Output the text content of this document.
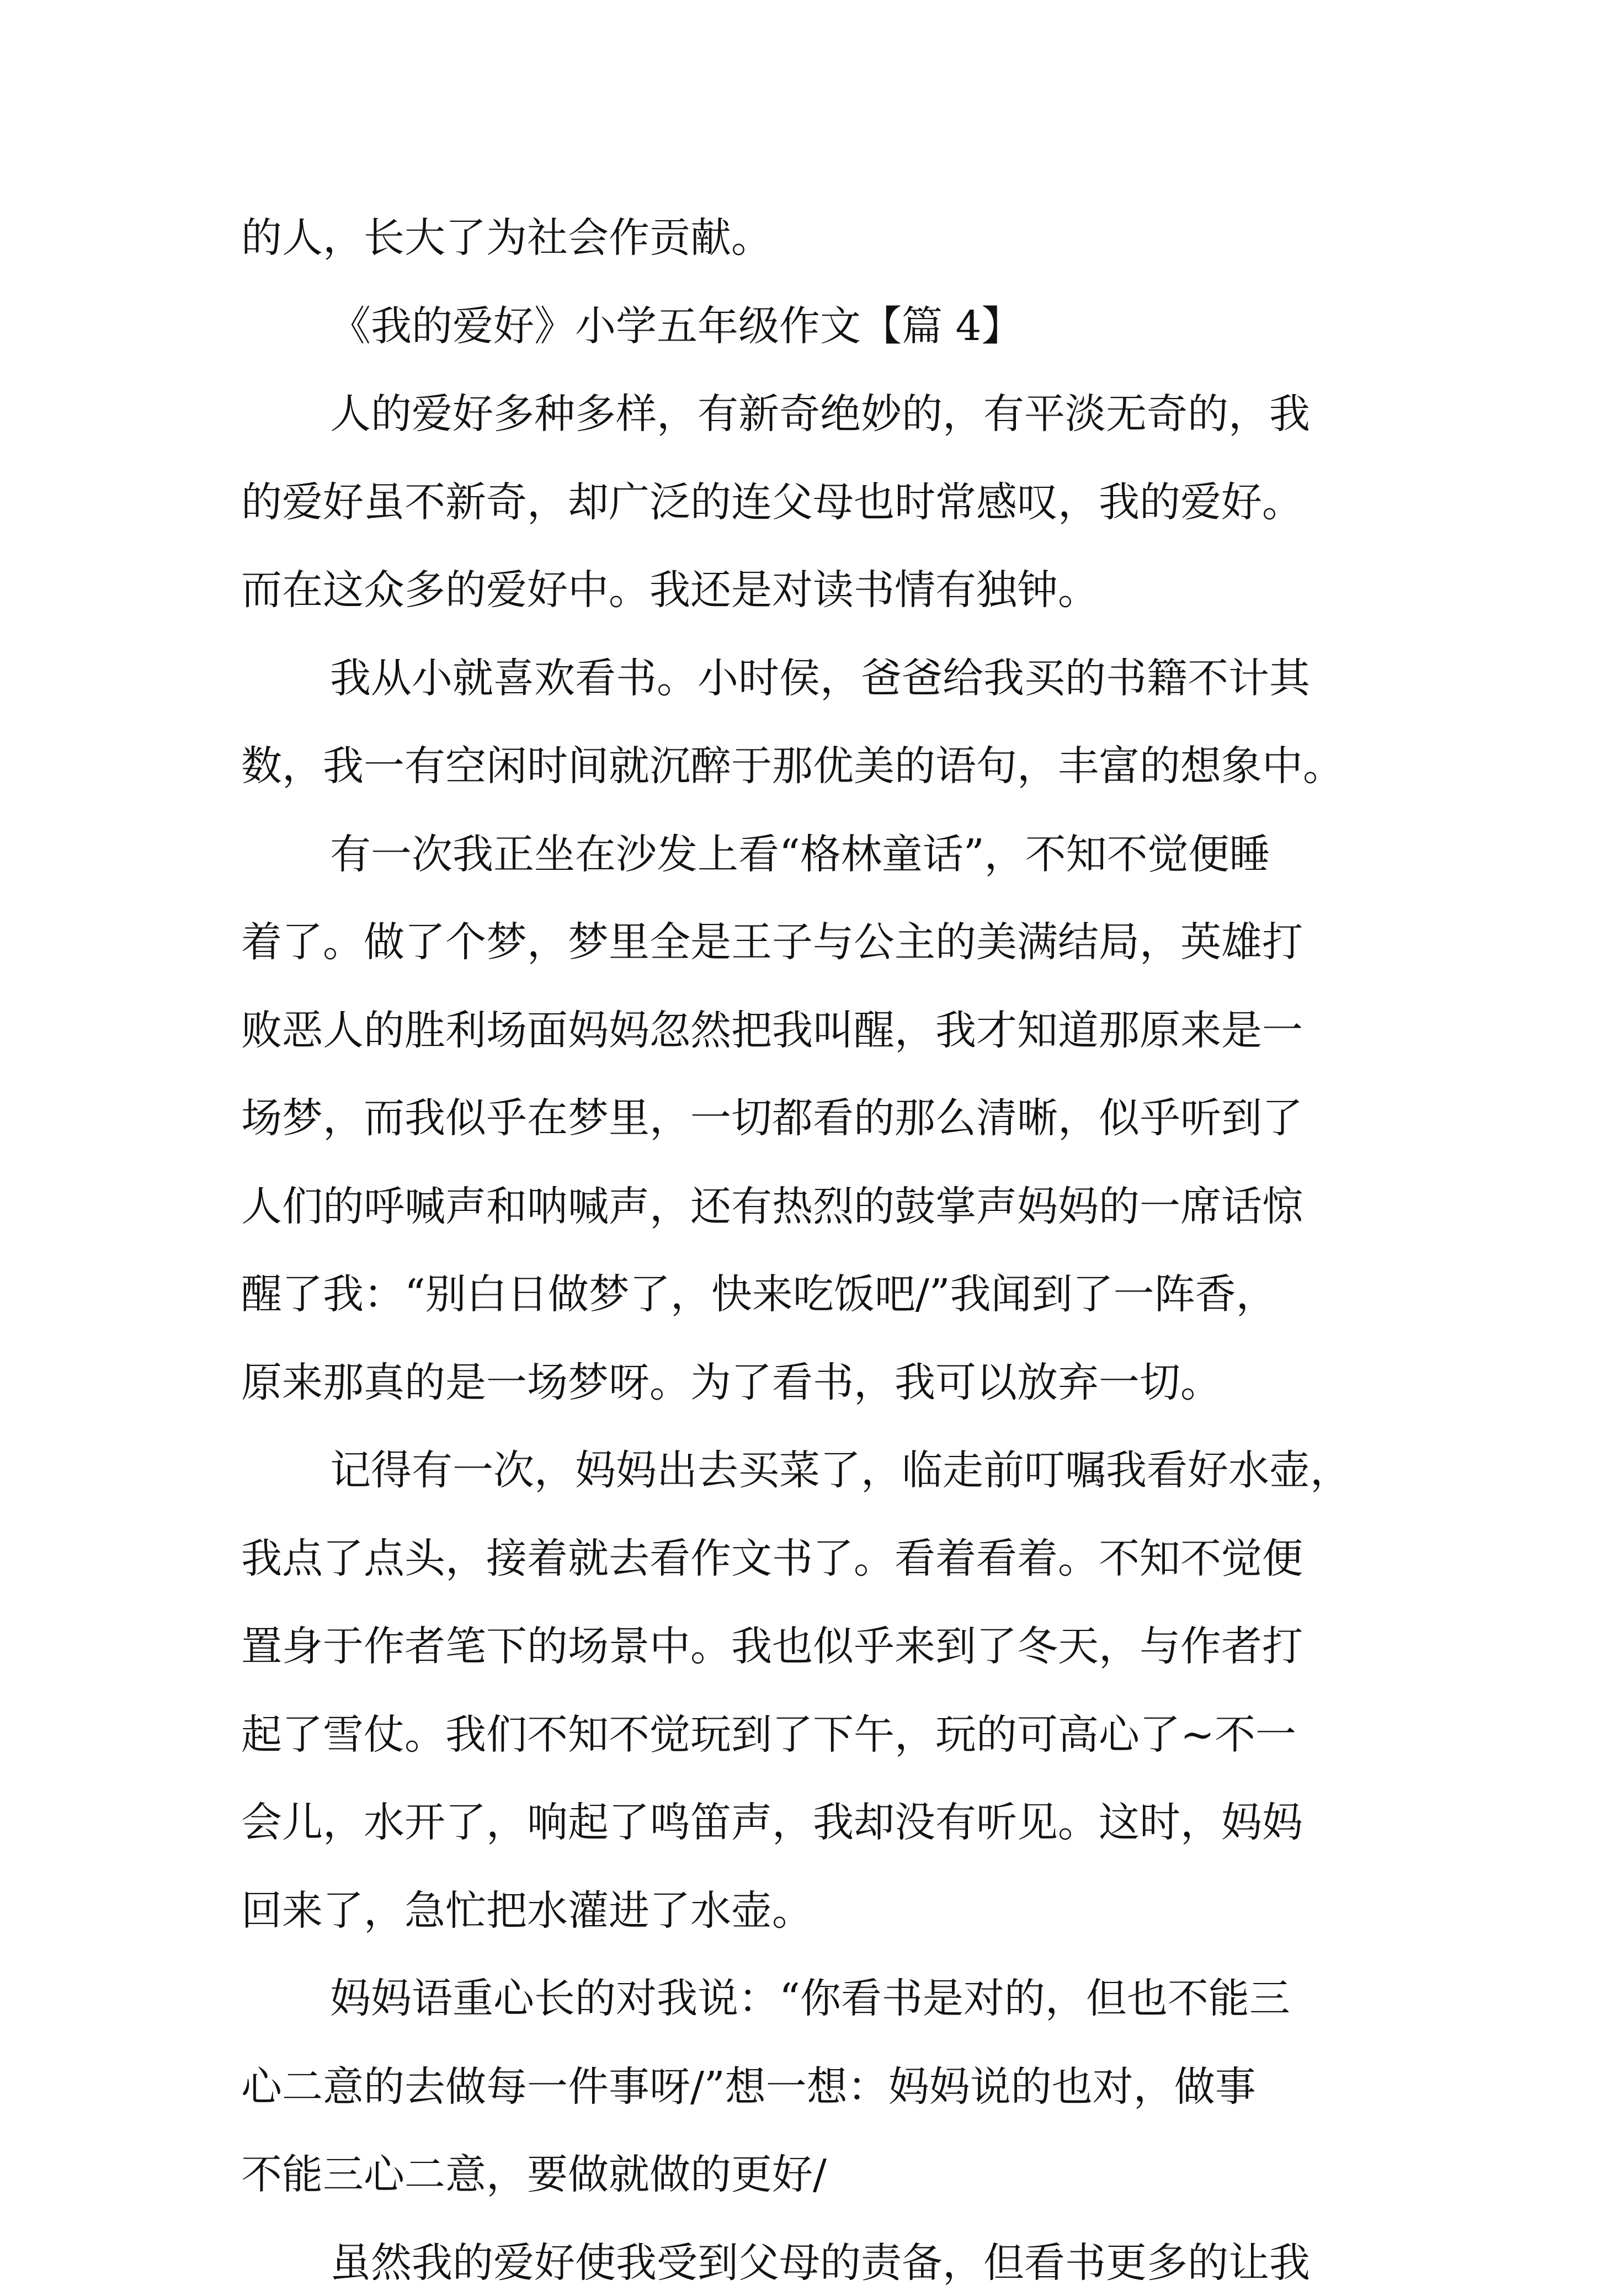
的人，长大了为社会作贡献。
《我的爱好》小学五年级作文【篇 4】
人的爱好多种多样，有新奇绝妙的，有平淡无奇的，我
的爱好虽不新奇，却广泛的连父母也时常感叹，我的爱好。
而在这众多的爱好中。我还是对读书情有独钟。
我从小就喜欢看书。小时侯，爸爸给我买的书籍不计其
数，我一有空闲时间就沉醉于那优美的语句，丰富的想象中。
有一次我正坐在沙发上看“格林童话”，不知不觉便睡
着了。做了个梦，梦里全是王子与公主的美满结局，英雄打
败恶人的胜利场面妈妈忽然把我叫醒，我才知道那原来是一
场梦，而我似乎在梦里，一切都看的那么清晰，似乎听到了
人们的呼喊声和呐喊声，还有热烈的鼓掌声妈妈的一席话惊
醒了我：“别白日做梦了，快来吃饭吧/”我闻到了一阵香，
原来那真的是一场梦呀。为了看书，我可以放弃一切。
记得有一次，妈妈出去买菜了，临走前叮嘱我看好水壶，
我点了点头，接着就去看作文书了。看着看着。不知不觉便
置身于作者笔下的场景中。我也似乎来到了冬天，与作者打
起了雪仗。我们不知不觉玩到了下午，玩的可高心了~不一
会儿，水开了，响起了鸣笛声，我却没有听见。这时，妈妈
回来了，急忙把水灌进了水壶。
妈妈语重心长的对我说：“你看书是对的，但也不能三
心二意的去做每一件事呀/”想一想：妈妈说的也对，做事
不能三心二意，要做就做的更好/
虽然我的爱好使我受到父母的责备，但看书更多的让我
